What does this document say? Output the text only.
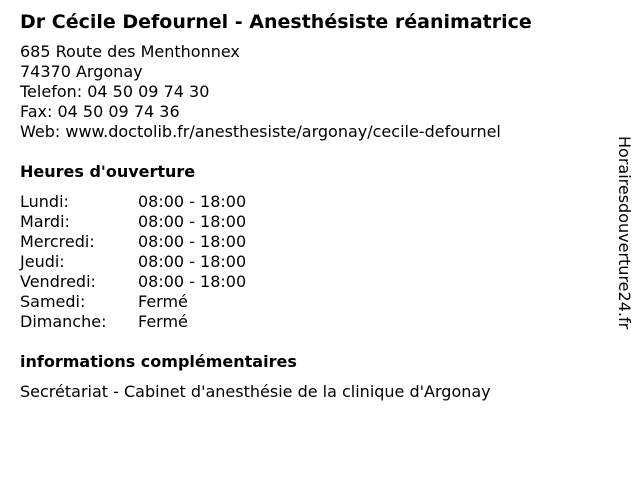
Dr Cécile Defournel - Anesthésiste réanimatrice
685 Route des Menthonnex
74370 Argonay
Telefon: 04 50 09 74 30
Fax: 04 50 09 74 36
Web: www.doctolib.fr/anesthesiste/argonay/cecile-defournel
Heures d'ouverture
Lundi:	08:00 - 18:00
Mardi:	08:00 - 18:00
Mercredi:	08:00 - 18:00
Jeudi:	08:00 - 18:00
Vendredi:	08:00 - 18:00
Samedi:	Fermé
Dimanche:	Fermé
informations complémentaires
Secrétariat - Cabinet d'anesthésie de la clinique d'Argonay
Horairesdouverture24.fr
